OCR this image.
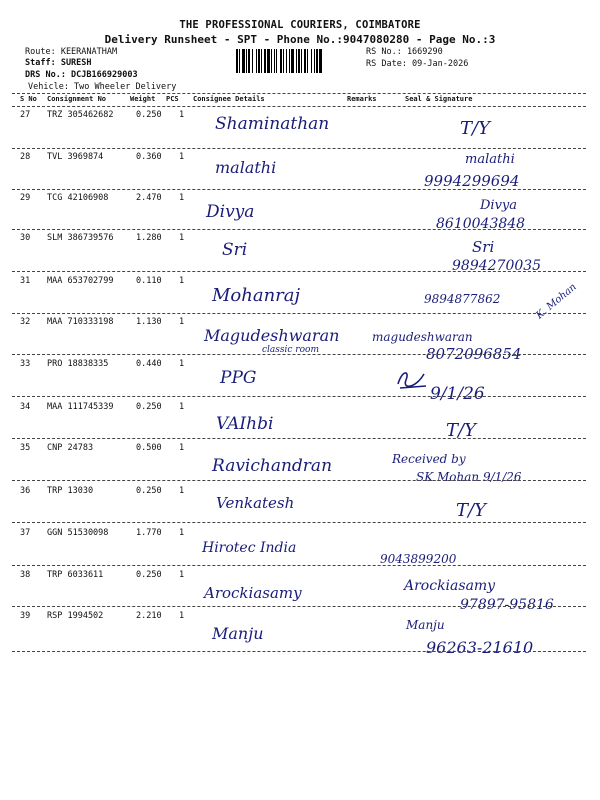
THE PROFESSIONAL COURIERS, COIMBATORE
Delivery Runsheet - SPT - Phone No.:9047080280 - Page No.:3
Route: KEERANATHAM
Staff: SURESH
DRS No.: DCJB166929003
Vehicle: Two Wheeler Delivery
RS No.: 1669290
RS Date: 09-Jan-2026
S No Consignment No	Weight PCS Consignee Details	Remarks	Seal & Signature
27 TRZ 305462682	0.250 1 Shaminathan	T/Y
28 TVL 3969874	0.360 1
malathi	malathi
9994299694
29 TCG 42106908	2.470 1
Divya	Divya
8610043848
30 SLM 386739576	1.280 1
Sri	Sri
9894270035
31 MAA 653702799	0.110 1
Mohanraj	9894877862	K. Mohan
32 MAA 710333198	1.130 1
Magudeshwaran
classic room
magudeshwaran
8072096854
33 PRO 18838335	0.440 1
PPG
9/1/26
34 MAA 111745339	0.250 1
VAIhbi	T/Y
35 CNP 24783	0.500 1
Ravichandran	Received by
SK Mohan 9/1/26
36 TRP 13030	0.250 1
Venkatesh	T/Y
37 GGN 51530098	1.770 1
Hirotec India
9043899200
38 TRP 6033611	0.250 1
Arockiasamy	Arockiasamy
97897-95816
39 RSP 1994502	2.210 1
Manju	Manju
96263-21610
